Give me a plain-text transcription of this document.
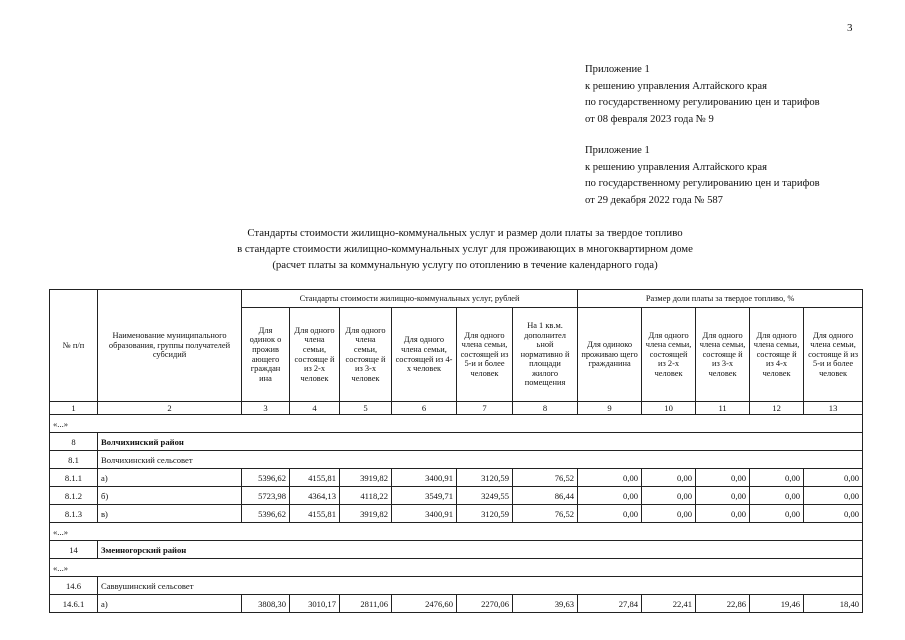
3
Приложение 1
к решению управления Алтайского края
по государственному регулированию цен и тарифов
от 08 февраля 2023 года № 9
Приложение 1
к решению управления Алтайского края
по государственному регулированию цен и тарифов
от 29 декабря 2022 года № 587
Стандарты стоимости жилищно-коммунальных услуг и размер доли платы за твердое топливо
в стандарте стоимости жилищно-коммунальных услуг для проживающих в многоквартирном доме
(расчет платы за коммунальную услугу по отоплению в течение календарного года)
№ п/п	Наименование муниципального образования, группы получателей субсидий	Стандарты стоимости жилищно-коммунальных услуг, рублей						Размер доли платы за твердое топливо, %				
		Для одинок о прожив ающего граждан ина	Для одного члена семьи, состояще й из 2-х человек	Для одного члена семьи, состояще й из 3-х человек	Для одного члена семьи, состоящей из 4-х человек	Для одного члена семьи, состоящей из 5-и и более человек	На 1 кв.м. дополнител ьной нормативно й площади жилого помещения	Для одиноко проживаю щего гражданина	Для одного члена семьи, состоящей из 2-х человек	Для одного члена семьи, состояще й из 3-х человек	Для одного члена семьи, состояще й из 4-х человек	Для одного члена семьи, состояще й из 5-и и более человек
1	2	3	4	5	6	7	8	9	10	11	12	13
«...»												
8	Волчихинский район											
8.1	Волчихинский сельсовет											
8.1.1	а)	5396,62	4155,81	3919,82	3400,91	3120,59	76,52	0,00	0,00	0,00	0,00	0,00
8.1.2	б)	5723,98	4364,13	4118,22	3549,71	3249,55	86,44	0,00	0,00	0,00	0,00	0,00
8.1.3	в)	5396,62	4155,81	3919,82	3400,91	3120,59	76,52	0,00	0,00	0,00	0,00	0,00
«...»												
14	Змеиногорский район											
«...»												
14.6	Саввушинский сельсовет											
14.6.1	а)	3808,30	3010,17	2811,06	2476,60	2270,06	39,63	27,84	22,41	22,86	19,46	18,40
